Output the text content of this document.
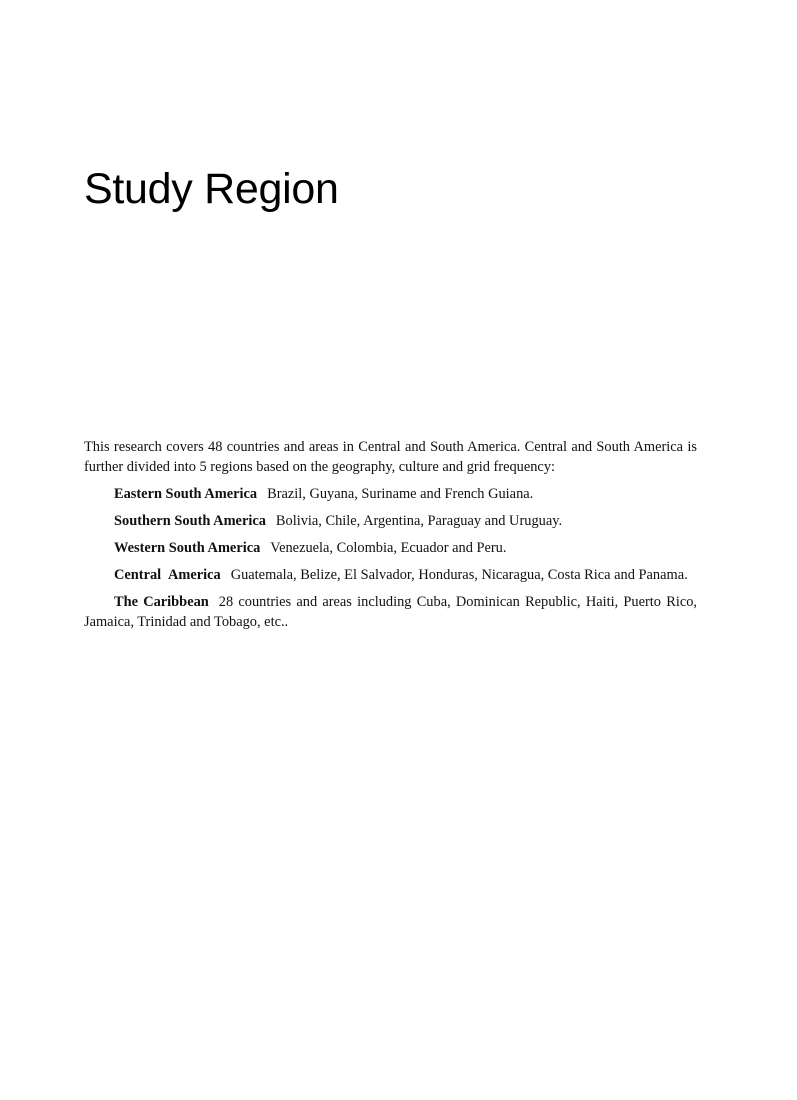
Study Region

This research covers 48 countries and areas in Central and South America. Central and South America is further divided into 5 regions based on the geography, culture and grid frequency:

Eastern South America Brazil, Guyana, Suriname and French Guiana.
Southern South America Bolivia, Chile, Argentina, Paraguay and Uruguay.
Western South America Venezuela, Colombia, Ecuador and Peru.
Central America Guatemala, Belize, El Salvador, Honduras, Nicaragua, Costa Rica and Panama.
The Caribbean 28 countries and areas including Cuba, Dominican Republic, Haiti, Puerto Rico, Jamaica, Trinidad and Tobago, etc..
